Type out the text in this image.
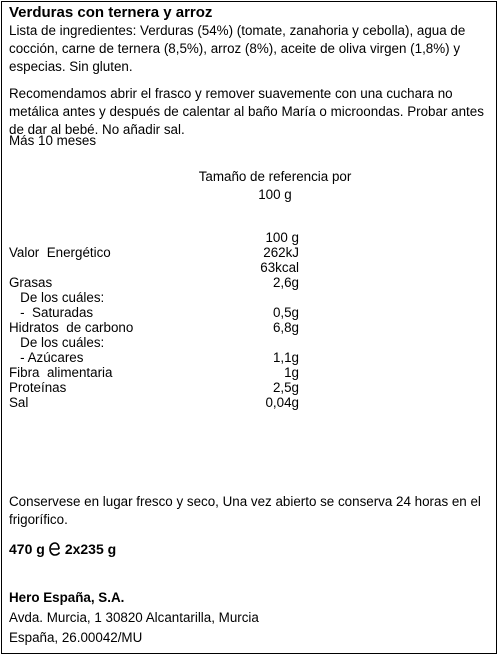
Verduras con ternera y arroz
Lista de ingredientes: Verduras (54%) (tomate, zanahoria y cebolla), agua de cocción, carne de ternera (8,5%), arroz (8%), aceite de oliva virgen (1,8%) y especias. Sin gluten.
Recomendamos abrir el frasco y remover suavemente con una cuchara no metálica antes y después de calentar al baño María o microondas. Probar antes de dar al bebé. No añadir sal.
Más 10 meses
Tamaño de referencia por
100 g
100 g
Valor  Energético	262kJ
63kcal
Grasas	2,6g
De los cuáles:
-  Saturadas	0,5g
Hidratos  de carbono	6,8g
De los cuáles:
- Azúcares	1,1g
Fibra  alimentaria	1g
Proteínas	2,5g
Sal	0,04g
Conservese en lugar fresco y seco, Una vez abierto se conserva 24 horas en el frigorífico.
470 g 2x235 g
Hero España, S.A.
Avda. Murcia, 1 30820 Alcantarilla, Murcia
España, 26.00042/MU
